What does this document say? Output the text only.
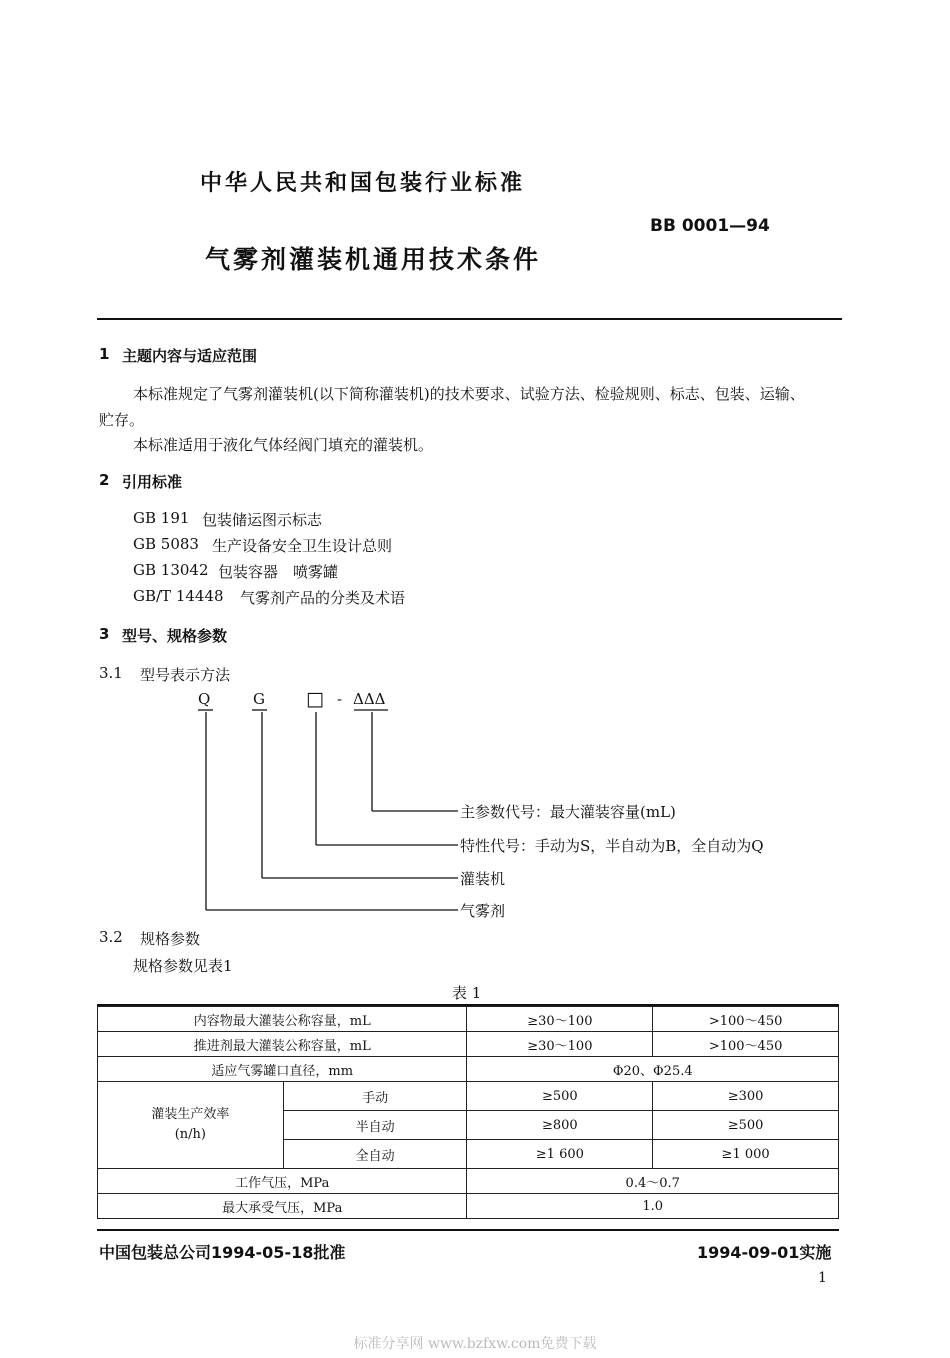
中华人民共和国包装行业标准
BB 0001—94
气雾剂灌装机通用技术条件
1 主题内容与适应范围
本标准规定了气雾剂灌装机(以下简称灌装机)的技术要求、试验方法、检验规则、标志、包装、运输、
贮存。
本标准适用于液化气体经阀门填充的灌装机。
2 引用标准
GB 191 包装储运图示标志
GB 5083 生产设备安全卫生设计总则
GB 13042 包装容器　喷雾罐
GB/T 14448 气雾剂产品的分类及术语
3 型号、规格参数
3.1 型号表示方法
Q	G □ - ΔΔΔ
主参数代号：最大灌装容量(mL)
特性代号：手动为S，半自动为B，全自动为Q
灌装机
气雾剂
3.2 规格参数
规格参数见表1
表 1
内容物最大灌装公称容量，mL		≥30～100	>100～450
推进剂最大灌装公称容量，mL		≥30～100	>100～450
适应气雾罐口直径，mm		Φ20、Φ25.4	

灌装生产效率
(n/h)	手动	≥500	≥300
	半自动	≥800	≥500
	全自动	≥1 600	≥1 000
工作气压，MPa		0.4～0.7	
最大承受气压，MPa		1.0	
中国包装总公司1994-05-18批准	1994-09-01实施
1
标准分享网 www.bzfxw.com免费下载
